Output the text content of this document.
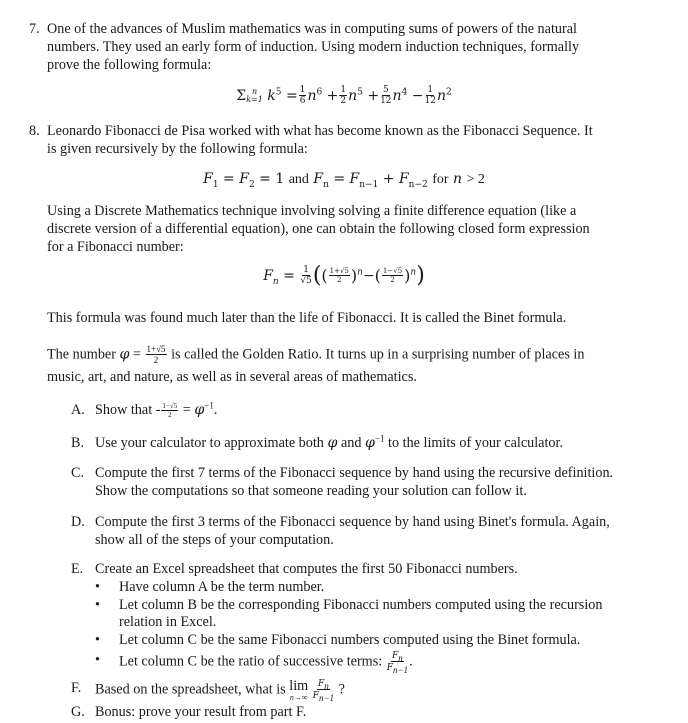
7. One of the advances of Muslim mathematics was in computing sums of powers of the natural
numbers. They used an early form of induction. Using modern induction techniques, formally
prove the following formula:
Σ n
k=1 $k^5 = \frac{1}{6} n^6 + \frac{1}{2} n^5 + \frac{5}{12} n^4 - \frac{1}{12} n^2$
8. Leonardo Fibonacci de Pisa worked with what has become known as the Fibonacci Sequence. It
is given recursively by the following formula:
$F_1 = F_2 = 1$ and $F_n = F_{n-1} + F_{n-2}$ for n > 2
Using a Discrete Mathematics technique involving solving a finite difference equation (like a
discrete version of a differential equation), one can obtain the following closed form expression
for a Fibonacci number:
$F_n = \frac{1}{√5}$ (( $\frac{1+√5}{2} )^n-( \frac{1-√5}{2} )^n$)
This formula was found much later than the life of Fibonacci. It is called the Binet formula.
The number $\varphi = \frac{1+√5}{2}$ is called the Golden Ratio. It turns up in a surprising number of places in
music, art, and nature, as well as in several areas of mathematics.
A. Show that - $\frac{1-√5}{2} = \varphi^{-1}$.
B. Use your calculator to approximate both φ and $\varphi^{-1}$ to the limits of your calculator.
C. Compute the first 7 terms of the Fibonacci sequence by hand using the recursive definition.
Show the computations so that someone reading your solution can follow it.
D. Compute the first 3 terms of the Fibonacci sequence by hand using Binet's formula. Again,
show all of the steps of your computation.
E. Create an Excel spreadsheet that computes the first 50 Fibonacci numbers.
• Have column A be the term number.
• Let column B be the corresponding Fibonacci numbers computed using the recursion
relation in Excel.
• Let column C be the same Fibonacci numbers computed using the Binet formula.
• Let column C be the ratio of successive terms: $\frac{F_n}{F_{n-1}}$ .
F. Based on the spreadsheet, what is lim
n→∞
$\frac{F_n}{F_{n-1}}$ ?
G. Bonus: prove your result from part F.
